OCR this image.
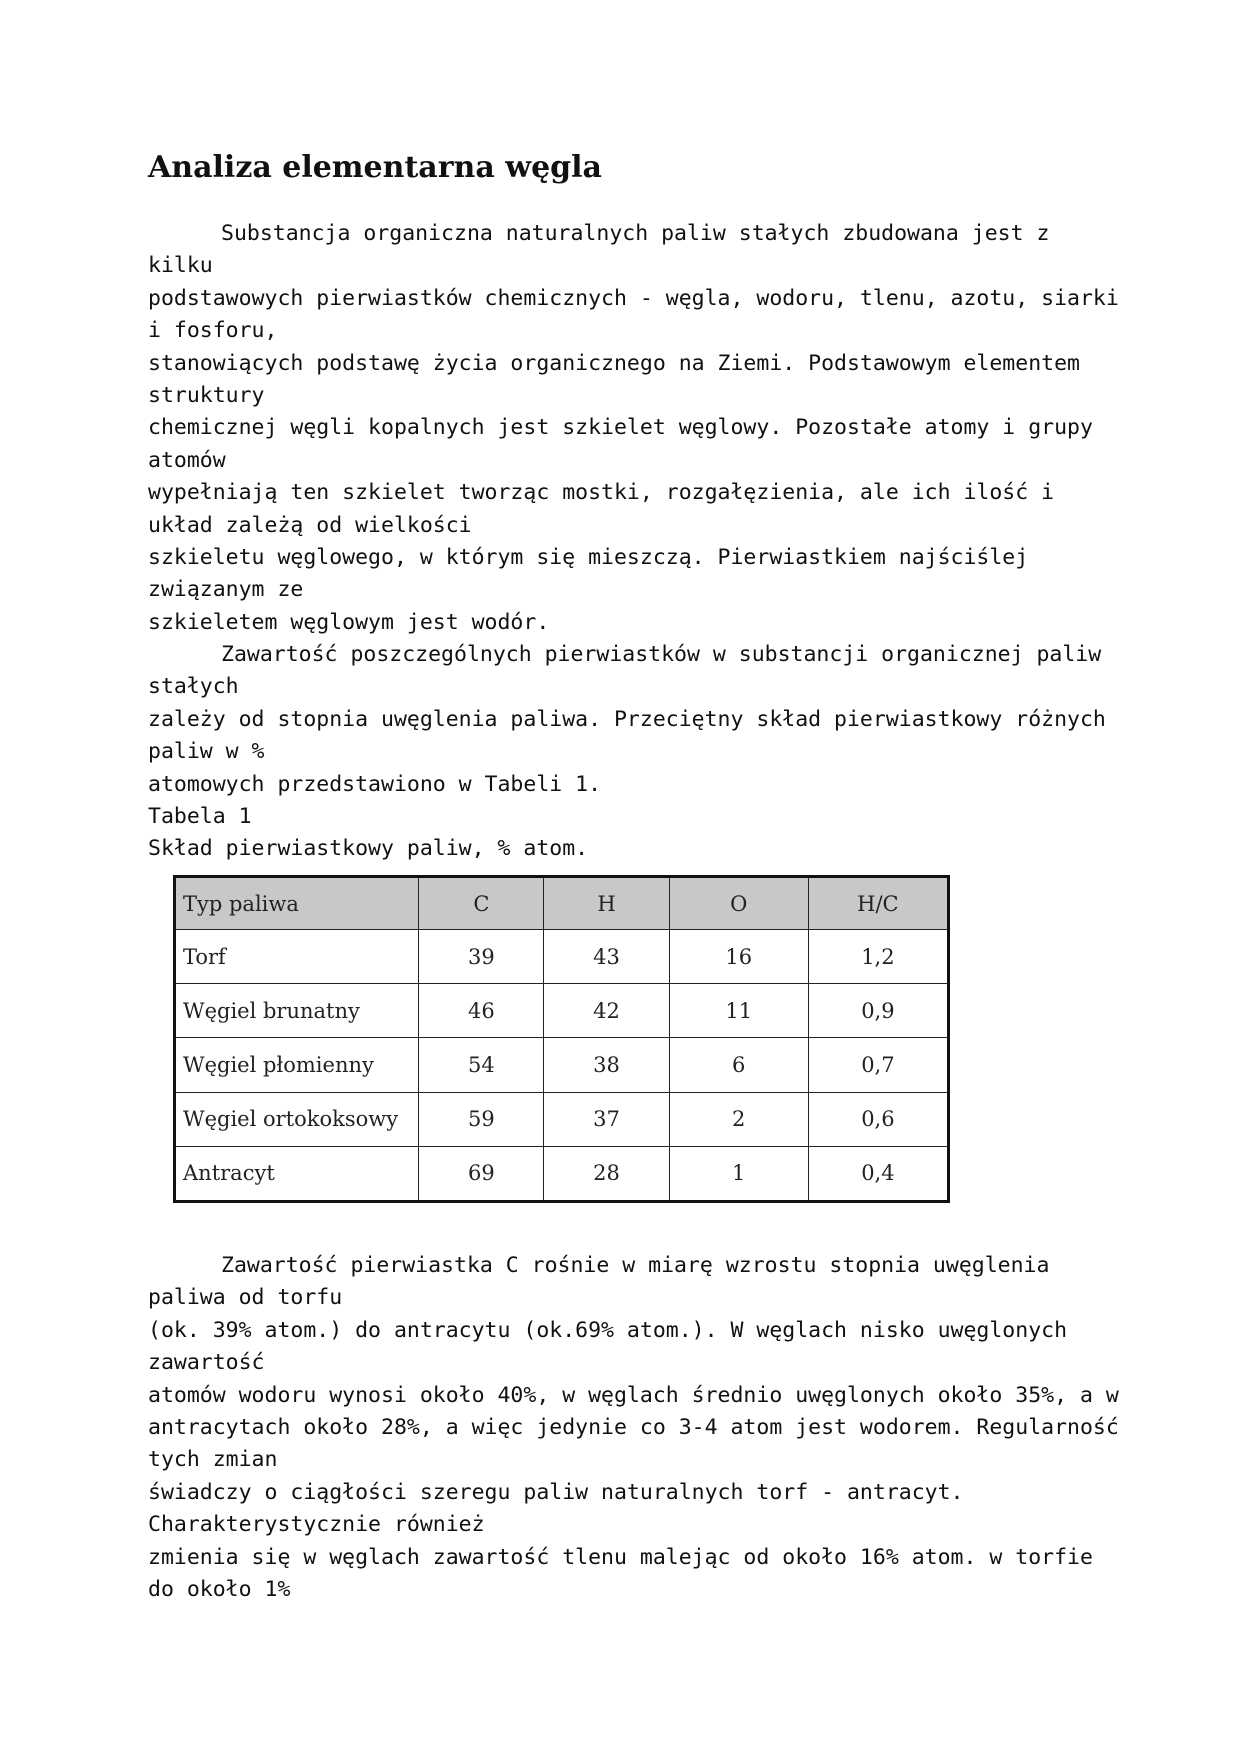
Analiza elementarna węgla
Substancja organiczna naturalnych paliw stałych zbudowana jest z
kilku
podstawowych pierwiastków chemicznych - węgla, wodoru, tlenu, azotu, siarki
i fosforu,
stanowiących podstawę życia organicznego na Ziemi. Podstawowym elementem
struktury
chemicznej węgli kopalnych jest szkielet węglowy. Pozostałe atomy i grupy
atomów
wypełniają ten szkielet tworząc mostki, rozgałęzienia, ale ich ilość i
układ zależą od wielkości
szkieletu węglowego, w którym się mieszczą. Pierwiastkiem najściślej
związanym ze
szkieletem węglowym jest wodór.
Zawartość poszczególnych pierwiastków w substancji organicznej paliw
stałych
zależy od stopnia uwęglenia paliwa. Przeciętny skład pierwiastkowy różnych
paliw w %
atomowych przedstawiono w Tabeli 1.
Tabela 1
Skład pierwiastkowy paliw, % atom.
Typ paliwa	C	H	O	H/C
Torf	39	43	16	1,2
Węgiel brunatny	46	42	11	0,9
Węgiel płomienny	54	38	6	0,7
Węgiel ortokoksowy	59	37	2	0,6
Antracyt	69	28	1	0,4
Zawartość pierwiastka C rośnie w miarę wzrostu stopnia uwęglenia
paliwa od torfu
(ok. 39% atom.) do antracytu (ok.69% atom.). W węglach nisko uwęglonych
zawartość
atomów wodoru wynosi około 40%, w węglach średnio uwęglonych około 35%, a w
antracytach około 28%, a więc jedynie co 3-4 atom jest wodorem. Regularność
tych zmian
świadczy o ciągłości szeregu paliw naturalnych torf - antracyt.
Charakterystycznie również
zmienia się w węglach zawartość tlenu malejąc od około 16% atom. w torfie
do około 1%
